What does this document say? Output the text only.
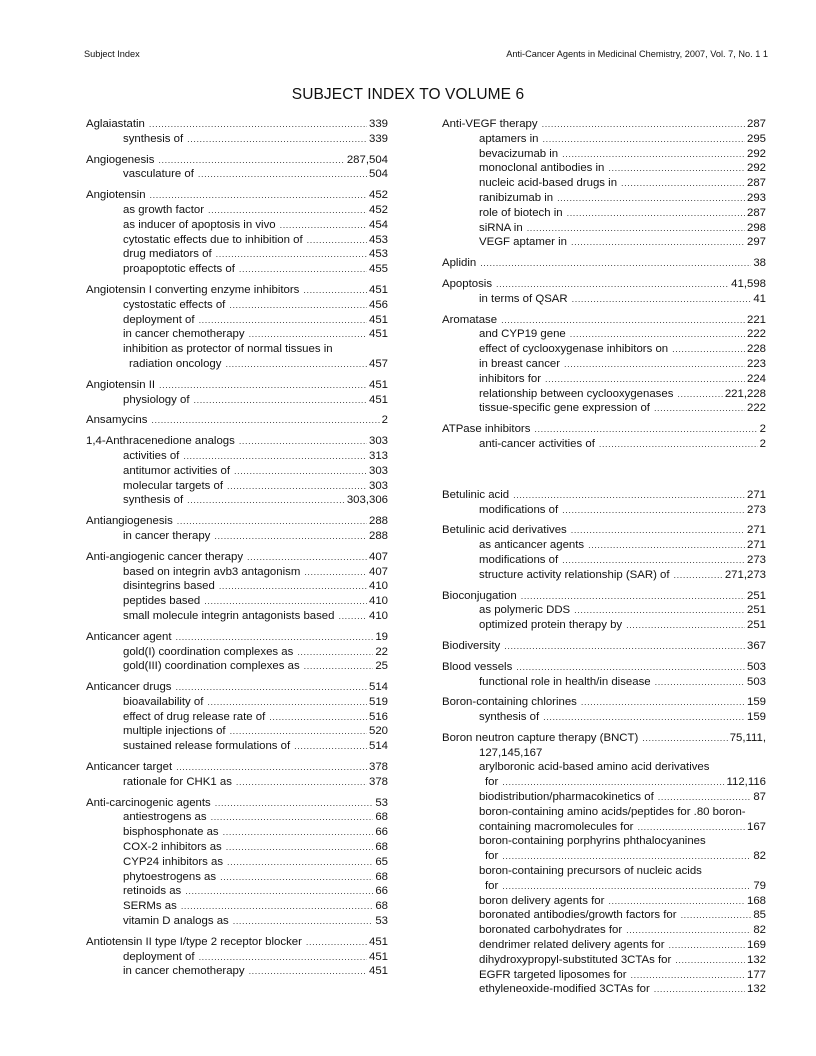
Subject Index	Anti-Cancer Agents in Medicinal Chemistry, 2007, Vol. 7, No. 1 1
SUBJECT INDEX TO VOLUME 6
Aglaiastatin .....	339
synthesis of .....	339
Angiogenesis .....	287,504
vasculature of .....	504
Angiotensin .....	452
as growth factor .....	452
as inducer of apoptosis in vivo .....	454
cytostatic effects due to inhibition of .....	453
drug mediators of .....	453
proapoptotic effects of .....	455
Angiotensin I converting enzyme inhibitors .....	451
cystostatic effects of .....	456
deployment of .....	451
in cancer chemotherapy .....	451
inhibition as protector of normal tissues in
radiation oncology .....	457
Angiotensin II .....	451
physiology of .....	451
Ansamycins .....	2
1,4-Anthracenedione analogs .....	303
activities of .....	313
antitumor activities of .....	303
molecular targets of .....	303
synthesis of .....	303,306
Antiangiogenesis .....	288
in cancer therapy .....	288
Anti-angiogenic cancer therapy .....	407
based on integrin avb3 antagonism .....	407
disintegrins based .....	410
peptides based .....	410
small molecule integrin antagonists based .....	410
Anticancer agent .....	19
gold(I) coordination complexes as .....	22
gold(III) coordination complexes as .....	25
Anticancer drugs .....	514
bioavailability of .....	519
effect of drug release rate of .....	516
multiple injections of .....	520
sustained release formulations of .....	514
Anticancer target .....	378
rationale for CHK1 as .....	378
Anti-carcinogenic agents .....	53
antiestrogens as .....	68
bisphosphonate as .....	66
COX-2 inhibitors as .....	68
CYP24 inhibitors as .....	65
phytoestrogens as .....	68
retinoids as .....	66
SERMs as .....	68
vitamin D analogs as .....	53
Antiotensin II type I/type 2 receptor blocker .....	451
deployment of .....	451
in cancer chemotherapy .....	451
Anti-VEGF therapy .....	287
aptamers in .....	295
bevacizumab in .....	292
monoclonal antibodies in .....	292
nucleic acid-based drugs in .....	287
ranibizumab in .....	293
role of biotech in .....	287
siRNA in .....	298
VEGF aptamer in .....	297
Aplidin .....	38
Apoptosis .....	41,598
in terms of QSAR .....	41
Aromatase .....	221
and CYP19 gene .....	222
effect of cyclooxygenase inhibitors on .....	228
in breast cancer .....	223
inhibitors for .....	224
relationship between cyclooxygenases .....	221,228
tissue-specific gene expression of .....	222
ATPase inhibitors .....	2
anti-cancer activities of .....	2
Betulinic acid .....	271
modifications of .....	273
Betulinic acid derivatives .....	271
as anticancer agents .....	271
modifications of .....	273
structure activity relationship (SAR) of .....	271,273
Bioconjugation .....	251
as polymeric DDS .....	251
optimized protein therapy by .....	251
Biodiversity .....	367
Blood vessels .....	503
functional role in health/in disease .....	503
Boron-containing chlorines .....	159
synthesis of .....	159
Boron neutron capture therapy (BNCT) .....	75,111,
127,145,167
arylboronic acid-based amino acid derivatives
for .....	112,116
biodistribution/pharmacokinetics of .....	87
boron-containing amino acids/peptides for .80 boron-
containing macromolecules for .....	167
boron-containing porphyrins phthalocyanines
for .....	82
boron-containing precursors of nucleic acids
for .....	79
boron delivery agents for .....	168
boronated antibodies/growth factors for .....	85
boronated carbohydrates for .....	82
dendrimer related delivery agents for .....	169
dihydroxypropyl-substituted 3CTAs for .....	132
EGFR targeted liposomes for .....	177
ethyleneoxide-modified 3CTAs for .....	132
